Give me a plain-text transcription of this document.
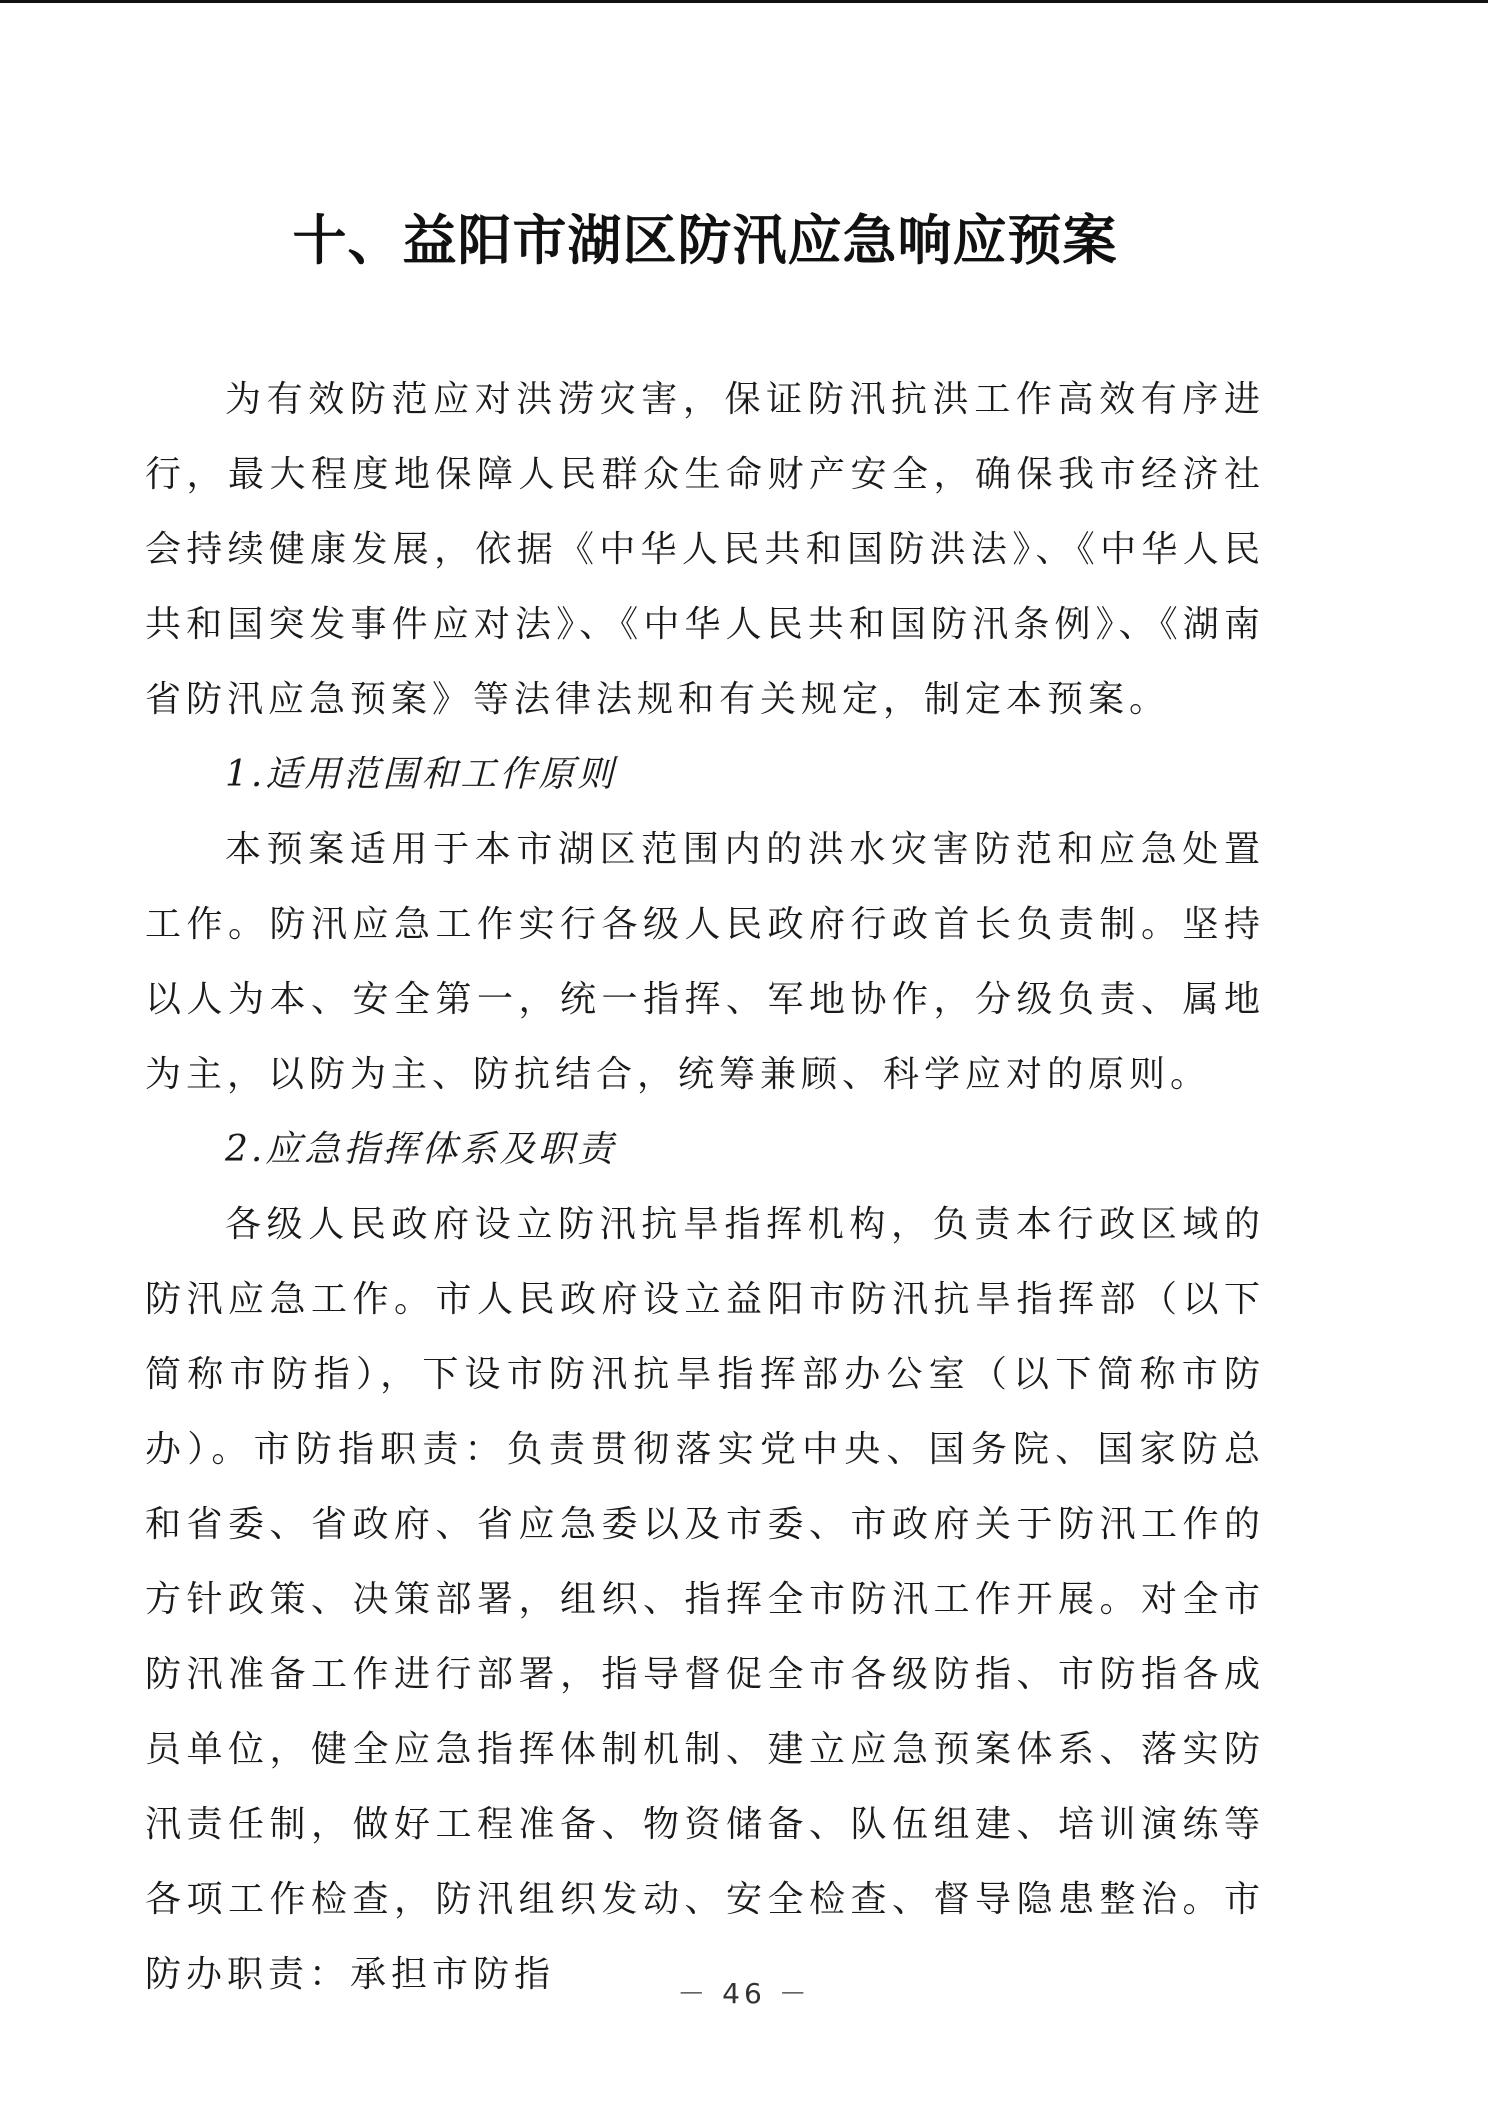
十、益阳市湖区防汛应急响应预案

为有效防范应对洪涝灾害，保证防汛抗洪工作高效有序进行，最大程度地保障人民群众生命财产安全，确保我市经济社会持续健康发展，依据《中华人民共和国防洪法》、《中华人民共和国突发事件应对法》、《中华人民共和国防汛条例》、《湖南省防汛应急预案》等法律法规和有关规定，制定本预案。

1.适用范围和工作原则

本预案适用于本市湖区范围内的洪水灾害防范和应急处置工作。防汛应急工作实行各级人民政府行政首长负责制。坚持以人为本、安全第一，统一指挥、军地协作，分级负责、属地为主，以防为主、防抗结合，统筹兼顾、科学应对的原则。

2.应急指挥体系及职责

各级人民政府设立防汛抗旱指挥机构，负责本行政区域的防汛应急工作。市人民政府设立益阳市防汛抗旱指挥部（以下简称市防指），下设市防汛抗旱指挥部办公室（以下简称市防办）。市防指职责：负责贯彻落实党中央、国务院、国家防总和省委、省政府、省应急委以及市委、市政府关于防汛工作的方针政策、决策部署，组织、指挥全市防汛工作开展。对全市防汛准备工作进行部署，指导督促全市各级防指、市防指各成员单位，健全应急指挥体制机制、建立应急预案体系、落实防汛责任制，做好工程准备、物资储备、队伍组建、培训演练等各项工作检查，防汛组织发动、安全检查、督导隐患整治。市防办职责：承担市防指	－ 46 －
